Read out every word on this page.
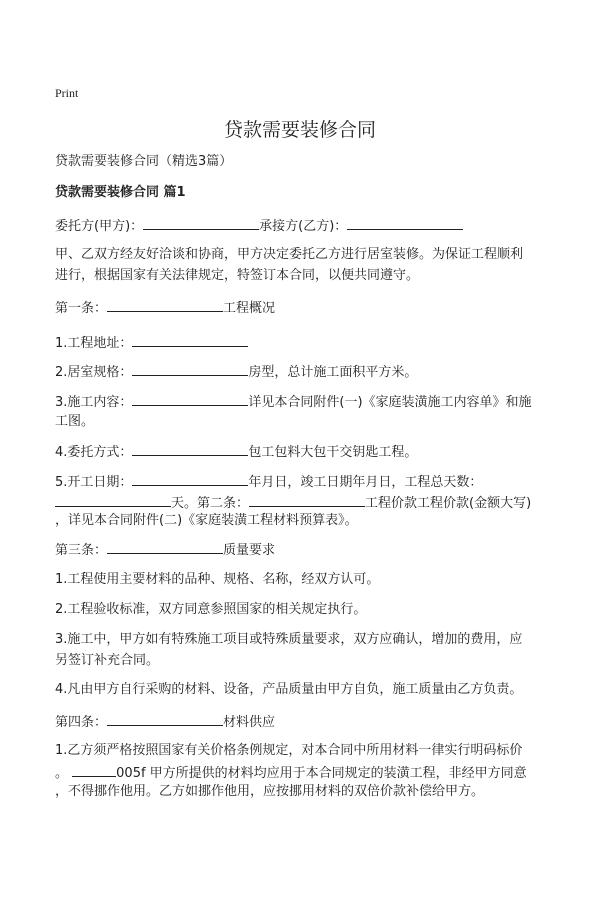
Print
贷款需要装修合同
贷款需要装修合同（精选3篇）
贷款需要装修合同 篇1
委托方(甲方)：	承接方(乙方)：
甲、乙双方经友好洽谈和协商，甲方决定委托乙方进行居室装修。为保证工程顺利
进行，根据国家有关法律规定，特签订本合同，以便共同遵守。
第一条：	工程概况
1.工程地址：
2.居室规格：	房型，总计施工面积平方米。
3.施工内容：	详见本合同附件(一)《家庭装潢施工内容单》和施
工图。
4.委托方式：	包工包料大包干交钥匙工程。
5.开工日期：	年月日，竣工日期年月日，工程总天数：
天。第二条：	工程价款工程价款(金额大写)
，详见本合同附件(二)《家庭装潢工程材料预算表》。
第三条：	质量要求
1.工程使用主要材料的品种、规格、名称，经双方认可。
2.工程验收标准，双方同意参照国家的相关规定执行。
3.施工中，甲方如有特殊施工项目或特殊质量要求，双方应确认，增加的费用，应
另签订补充合同。
4.凡由甲方自行采购的材料、设备，产品质量由甲方自负，施工质量由乙方负责。
第四条：	材料供应
1.乙方须严格按照国家有关价格条例规定，对本合同中所用材料一律实行明码标价
。	005f 甲方所提供的材料均应用于本合同规定的装潢工程，非经甲方同意
，不得挪作他用。乙方如挪作他用，应按挪用材料的双倍价款补偿给甲方。
